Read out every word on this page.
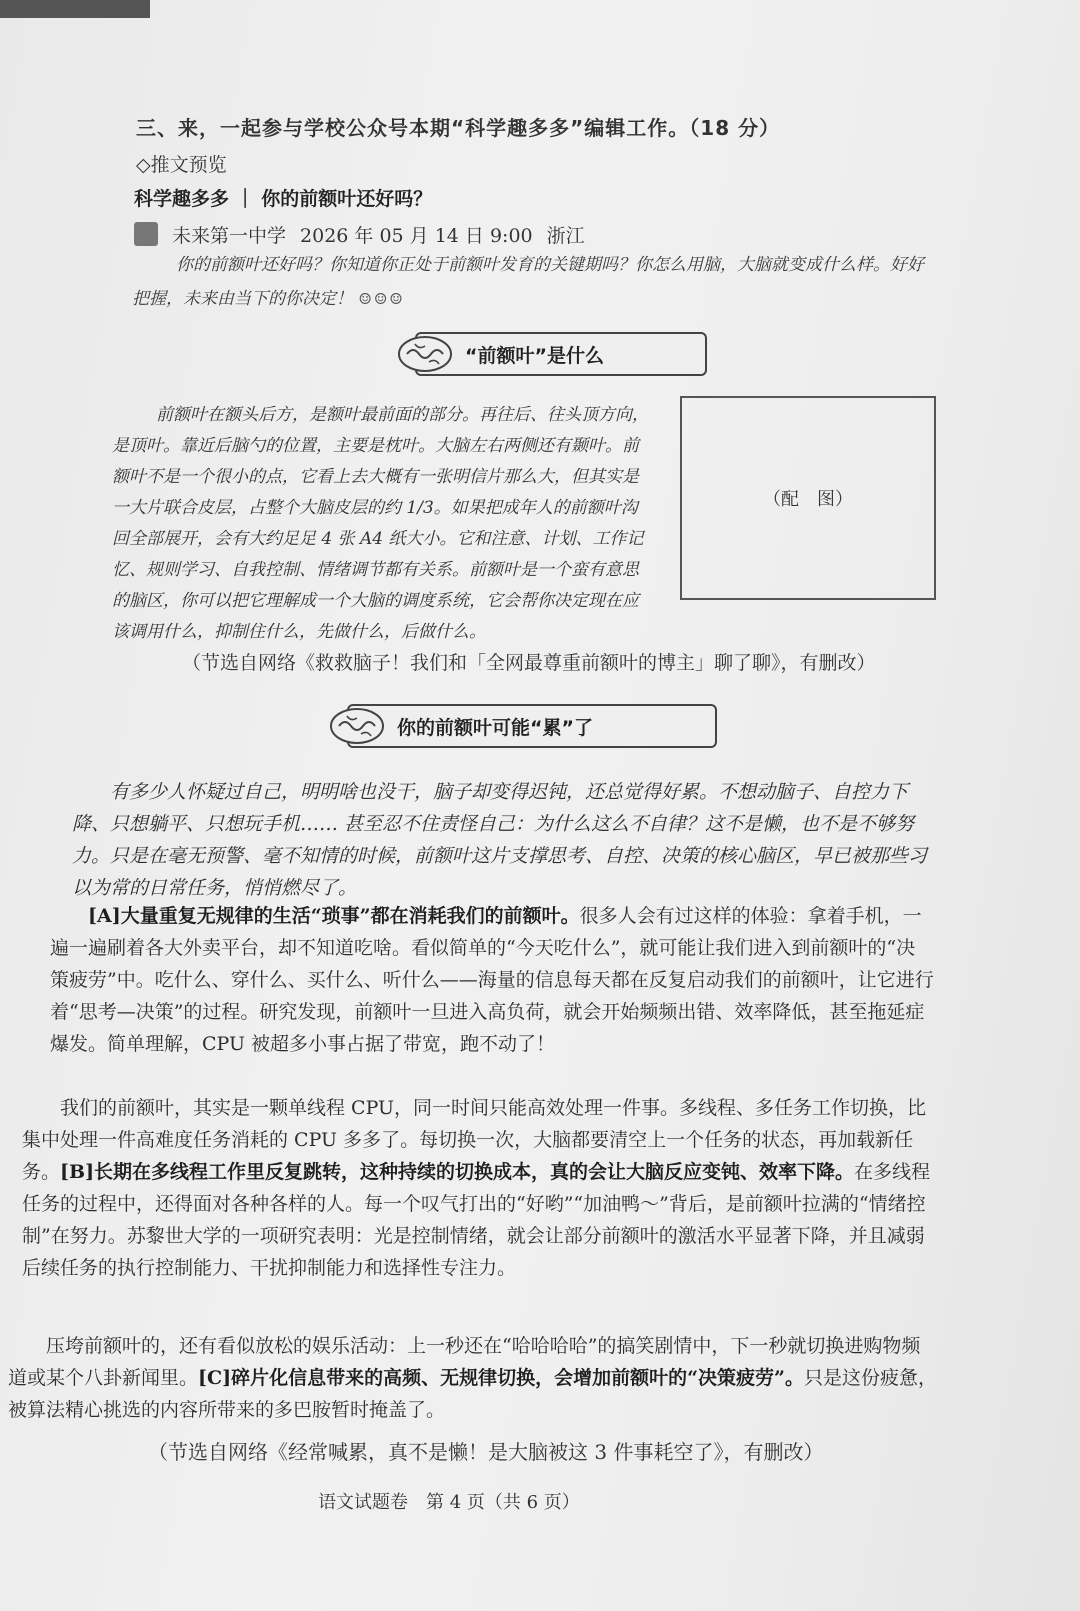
三、来，一起参与学校公众号本期“科学趣多多”编辑工作。（18 分）
◇推文预览
科学趣多多 ｜ 你的前额叶还好吗？
未来第一中学 2026 年 05 月 14 日 9:00 浙江
你的前额叶还好吗？你知道你正处于前额叶发育的关键期吗？你怎么用脑，大脑就变成什么样。好好把握，未来由当下的你决定！ ☺☺☺
“前额叶”是什么
前额叶在额头后方，是额叶最前面的部分。再往后、往头顶方向，是顶叶。靠近后脑勺的位置，主要是枕叶。大脑左右两侧还有颞叶。前额叶不是一个很小的点，它看上去大概有一张明信片那么大，但其实是一大片联合皮层，占整个大脑皮层的约 1/3。如果把成年人的前额叶沟回全部展开，会有大约足足 4 张 A4 纸大小。它和注意、计划、工作记忆、规则学习、自我控制、情绪调节都有关系。前额叶是一个蛮有意思的脑区，你可以把它理解成一个大脑的调度系统，它会帮你决定现在应该调用什么，抑制住什么，先做什么，后做什么。
（配　图）
（节选自网络《救救脑子！我们和「全网最尊重前额叶的博主」聊了聊》，有删改）
你的前额叶可能“累”了
有多少人怀疑过自己，明明啥也没干，脑子却变得迟钝，还总觉得好累。不想动脑子、自控力下降、只想躺平、只想玩手机…… 甚至忍不住责怪自己：为什么这么不自律？这不是懒，也不是不够努力。只是在毫无预警、毫不知情的时候，前额叶这片支撑思考、自控、决策的核心脑区，早已被那些习以为常的日常任务，悄悄燃尽了。
[A]大量重复无规律的生活“琐事”都在消耗我们的前额叶。很多人会有过这样的体验：拿着手机，一遍一遍刷着各大外卖平台，却不知道吃啥。看似简单的“今天吃什么”，就可能让我们进入到前额叶的“决策疲劳”中。吃什么、穿什么、买什么、听什么——海量的信息每天都在反复启动我们的前额叶，让它进行着“思考—决策”的过程。研究发现，前额叶一旦进入高负荷，就会开始频频出错、效率降低，甚至拖延症爆发。简单理解，CPU 被超多小事占据了带宽，跑不动了！
我们的前额叶，其实是一颗单线程 CPU，同一时间只能高效处理一件事。多线程、多任务工作切换，比集中处理一件高难度任务消耗的 CPU 多多了。每切换一次，大脑都要清空上一个任务的状态，再加载新任务。[B]长期在多线程工作里反复跳转，这种持续的切换成本，真的会让大脑反应变钝、效率下降。在多线程任务的过程中，还得面对各种各样的人。每一个叹气打出的“好哟”“加油鸭～”背后，是前额叶拉满的“情绪控制”在努力。苏黎世大学的一项研究表明：光是控制情绪，就会让部分前额叶的激活水平显著下降，并且减弱后续任务的执行控制能力、干扰抑制能力和选择性专注力。
压垮前额叶的，还有看似放松的娱乐活动：上一秒还在“哈哈哈哈”的搞笑剧情中，下一秒就切换进购物频道或某个八卦新闻里。[C]碎片化信息带来的高频、无规律切换，会增加前额叶的“决策疲劳”。只是这份疲惫，被算法精心挑选的内容所带来的多巴胺暂时掩盖了。
（节选自网络《经常喊累，真不是懒！是大脑被这 3 件事耗空了》，有删改）
语文试题卷　第 4 页（共 6 页）
